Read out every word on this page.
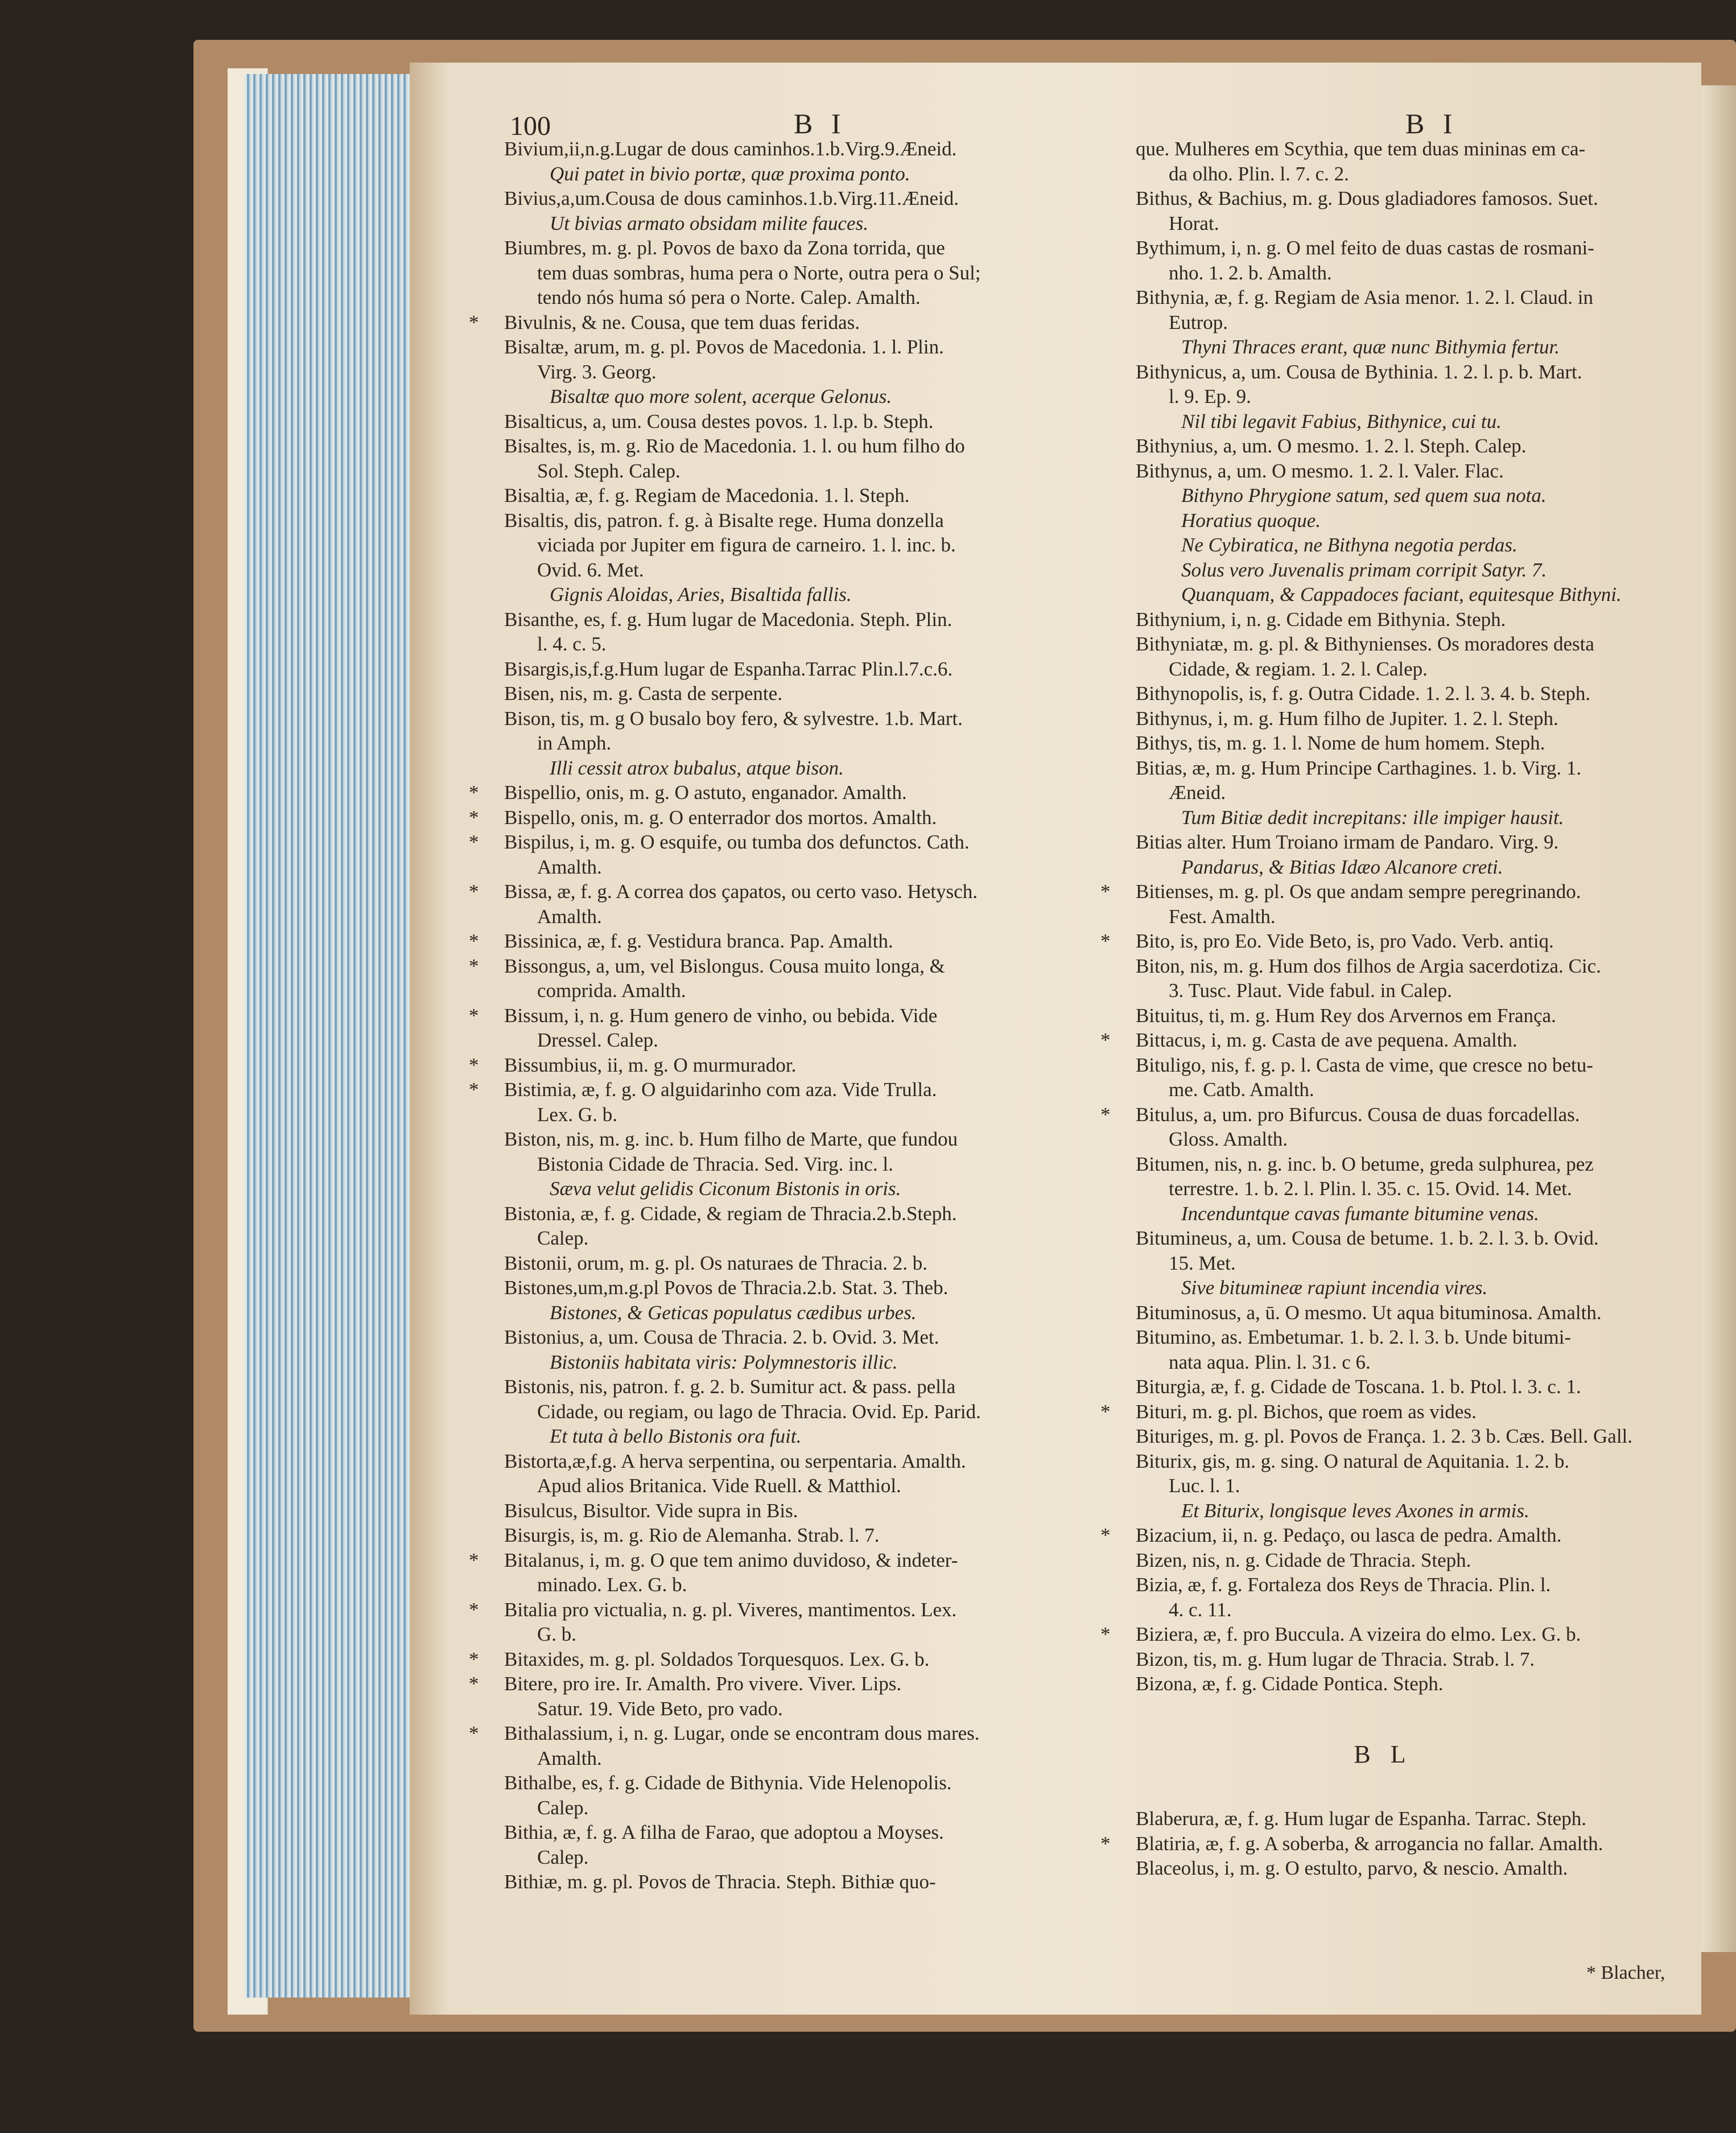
100	B I	B I
Bivium,ii,n.g.Lugar de dous caminhos.1.b.Virg.9.Æneid.
Qui patet in bivio portæ, quæ proxima ponto.
Bivius,a,um.Cousa de dous caminhos.1.b.Virg.11.Æneid.
Ut bivias armato obsidam milite fauces.
Biumbres, m. g. pl. Povos de baxo da Zona torrida, que
tem duas sombras, huma pera o Norte, outra pera o Sul;
tendo nós huma só pera o Norte. Calep. Amalth.
* Bivulnis, & ne. Cousa, que tem duas feridas.
Bisaltæ, arum, m. g. pl. Povos de Macedonia. 1. l. Plin.
Virg. 3. Georg.
Bisaltæ quo more solent, acerque Gelonus.
Bisalticus, a, um. Cousa destes povos. 1. l.p. b. Steph.
Bisaltes, is, m. g. Rio de Macedonia. 1. l. ou hum filho do
Sol. Steph. Calep.
Bisaltia, æ, f. g. Regiam de Macedonia. 1. l. Steph.
Bisaltis, dis, patron. f. g. à Bisalte rege. Huma donzella
viciada por Jupiter em figura de carneiro. 1. l. inc. b.
Ovid. 6. Met.
Gignis Aloidas, Aries, Bisaltida fallis.
Bisanthe, es, f. g. Hum lugar de Macedonia. Steph. Plin.
l. 4. c. 5.
Bisargis,is,f.g.Hum lugar de Espanha.Tarrac Plin.l.7.c.6.
Bisen, nis, m. g. Casta de serpente.
Bison, tis, m. g O busalo boy fero, & sylvestre. 1.b. Mart.
in Amph.
Illi cessit atrox bubalus, atque bison.
* Bispellio, onis, m. g. O astuto, enganador. Amalth.
* Bispello, onis, m. g. O enterrador dos mortos. Amalth.
* Bispilus, i, m. g. O esquife, ou tumba dos defunctos. Cath.
Amalth.
* Bissa, æ, f. g. A correa dos çapatos, ou certo vaso. Hetysch.
Amalth.
* Bissinica, æ, f. g. Vestidura branca. Pap. Amalth.
* Bissongus, a, um, vel Bislongus. Cousa muito longa, &
comprida. Amalth.
* Bissum, i, n. g. Hum genero de vinho, ou bebida. Vide
Dressel. Calep.
* Bissumbius, ii, m. g. O murmurador.
* Bistimia, æ, f. g. O alguidarinho com aza. Vide Trulla.
Lex. G. b.
Biston, nis, m. g. inc. b. Hum filho de Marte, que fundou
Bistonia Cidade de Thracia. Sed. Virg. inc. l.
Sæva velut gelidis Ciconum Bistonis in oris.
Bistonia, æ, f. g. Cidade, & regiam de Thracia.2.b.Steph.
Calep.
Bistonii, orum, m. g. pl. Os naturaes de Thracia. 2. b.
Bistones,um,m.g.pl Povos de Thracia.2.b. Stat. 3. Theb.
Bistones, & Geticas populatus cædibus urbes.
Bistonius, a, um. Cousa de Thracia. 2. b. Ovid. 3. Met.
Bistoniis habitata viris: Polymnestoris illic.
Bistonis, nis, patron. f. g. 2. b. Sumitur act. & pass. pella
Cidade, ou regiam, ou lago de Thracia. Ovid. Ep. Parid.
Et tuta à bello Bistonis ora fuit.
Bistorta,æ,f.g. A herva serpentina, ou serpentaria. Amalth.
Apud alios Britanica. Vide Ruell. & Matthiol.
Bisulcus, Bisultor. Vide supra in Bis.
Bisurgis, is, m. g. Rio de Alemanha. Strab. l. 7.
* Bitalanus, i, m. g. O que tem animo duvidoso, & indeter-
minado. Lex. G. b.
* Bitalia pro victualia, n. g. pl. Viveres, mantimentos. Lex.
G. b.
* Bitaxides, m. g. pl. Soldados Torquesquos. Lex. G. b.
* Bitere, pro ire. Ir. Amalth. Pro vivere. Viver. Lips.
Satur. 19. Vide Beto, pro vado.
* Bithalassium, i, n. g. Lugar, onde se encontram dous mares.
Amalth.
Bithalbe, es, f. g. Cidade de Bithynia. Vide Helenopolis.
Calep.
Bithia, æ, f. g. A filha de Farao, que adoptou a Moyses.
Calep.
Bithiæ, m. g. pl. Povos de Thracia. Steph. Bithiæ quo-
que. Mulheres em Scythia, que tem duas mininas em ca-
da olho. Plin. l. 7. c. 2.
Bithus, & Bachius, m. g. Dous gladiadores famosos. Suet.
Horat.
Bythimum, i, n. g. O mel feito de duas castas de rosmani-
nho. 1. 2. b. Amalth.
Bithynia, æ, f. g. Regiam de Asia menor. 1. 2. l. Claud. in
Eutrop.
Thyni Thraces erant, quæ nunc Bithymia fertur.
Bithynicus, a, um. Cousa de Bythinia. 1. 2. l. p. b. Mart.
l. 9. Ep. 9.
Nil tibi legavit Fabius, Bithynice, cui tu.
Bithynius, a, um. O mesmo. 1. 2. l. Steph. Calep.
Bithynus, a, um. O mesmo. 1. 2. l. Valer. Flac.
Bithyno Phrygione satum, sed quem sua nota.
Horatius quoque.
Ne Cybiratica, ne Bithyna negotia perdas.
Solus vero Juvenalis primam corripit Satyr. 7.
Quanquam, & Cappadoces faciant, equitesque Bithyni.
Bithynium, i, n. g. Cidade em Bithynia. Steph.
Bithyniatæ, m. g. pl. & Bithynienses. Os moradores desta
Cidade, & regiam. 1. 2. l. Calep.
Bithynopolis, is, f. g. Outra Cidade. 1. 2. l. 3. 4. b. Steph.
Bithynus, i, m. g. Hum filho de Jupiter. 1. 2. l. Steph.
Bithys, tis, m. g. 1. l. Nome de hum homem. Steph.
Bitias, æ, m. g. Hum Principe Carthagines. 1. b. Virg. 1.
Æneid.
Tum Bitiæ dedit increpitans: ille impiger hausit.
Bitias alter. Hum Troiano irmam de Pandaro. Virg. 9.
Pandarus, & Bitias Idæo Alcanore creti.
* Bitienses, m. g. pl. Os que andam sempre peregrinando.
Fest. Amalth.
* Bito, is, pro Eo. Vide Beto, is, pro Vado. Verb. antiq.
Biton, nis, m. g. Hum dos filhos de Argia sacerdotiza. Cic.
3. Tusc. Plaut. Vide fabul. in Calep.
Bituitus, ti, m. g. Hum Rey dos Arvernos em França.
* Bittacus, i, m. g. Casta de ave pequena. Amalth.
Bituligo, nis, f. g. p. l. Casta de vime, que cresce no betu-
me. Catb. Amalth.
* Bitulus, a, um. pro Bifurcus. Cousa de duas forcadellas.
Gloss. Amalth.
Bitumen, nis, n. g. inc. b. O betume, greda sulphurea, pez
terrestre. 1. b. 2. l. Plin. l. 35. c. 15. Ovid. 14. Met.
Incenduntque cavas fumante bitumine venas.
Bitumineus, a, um. Cousa de betume. 1. b. 2. l. 3. b. Ovid.
15. Met.
Sive bitumineæ rapiunt incendia vires.
Bituminosus, a, ū. O mesmo. Ut aqua bituminosa. Amalth.
Bitumino, as. Embetumar. 1. b. 2. l. 3. b. Unde bitumi-
nata aqua. Plin. l. 31. c 6.
Biturgia, æ, f. g. Cidade de Toscana. 1. b. Ptol. l. 3. c. 1.
* Bituri, m. g. pl. Bichos, que roem as vides.
Bituriges, m. g. pl. Povos de França. 1. 2. 3 b. Cæs. Bell. Gall.
Biturix, gis, m. g. sing. O natural de Aquitania. 1. 2. b.
Luc. l. 1.
Et Biturix, longisque leves Axones in armis.
* Bizacium, ii, n. g. Pedaço, ou lasca de pedra. Amalth.
Bizen, nis, n. g. Cidade de Thracia. Steph.
Bizia, æ, f. g. Fortaleza dos Reys de Thracia. Plin. l.
4. c. 11.
* Biziera, æ, f. pro Buccula. A vizeira do elmo. Lex. G. b.
Bizon, tis, m. g. Hum lugar de Thracia. Strab. l. 7.
Bizona, æ, f. g. Cidade Pontica. Steph.
B L
Blaberura, æ, f. g. Hum lugar de Espanha. Tarrac. Steph.
* Blatiria, æ, f. g. A soberba, & arrogancia no fallar. Amalth.
Blaceolus, i, m. g. O estulto, parvo, & nescio. Amalth.
* Blacher,
